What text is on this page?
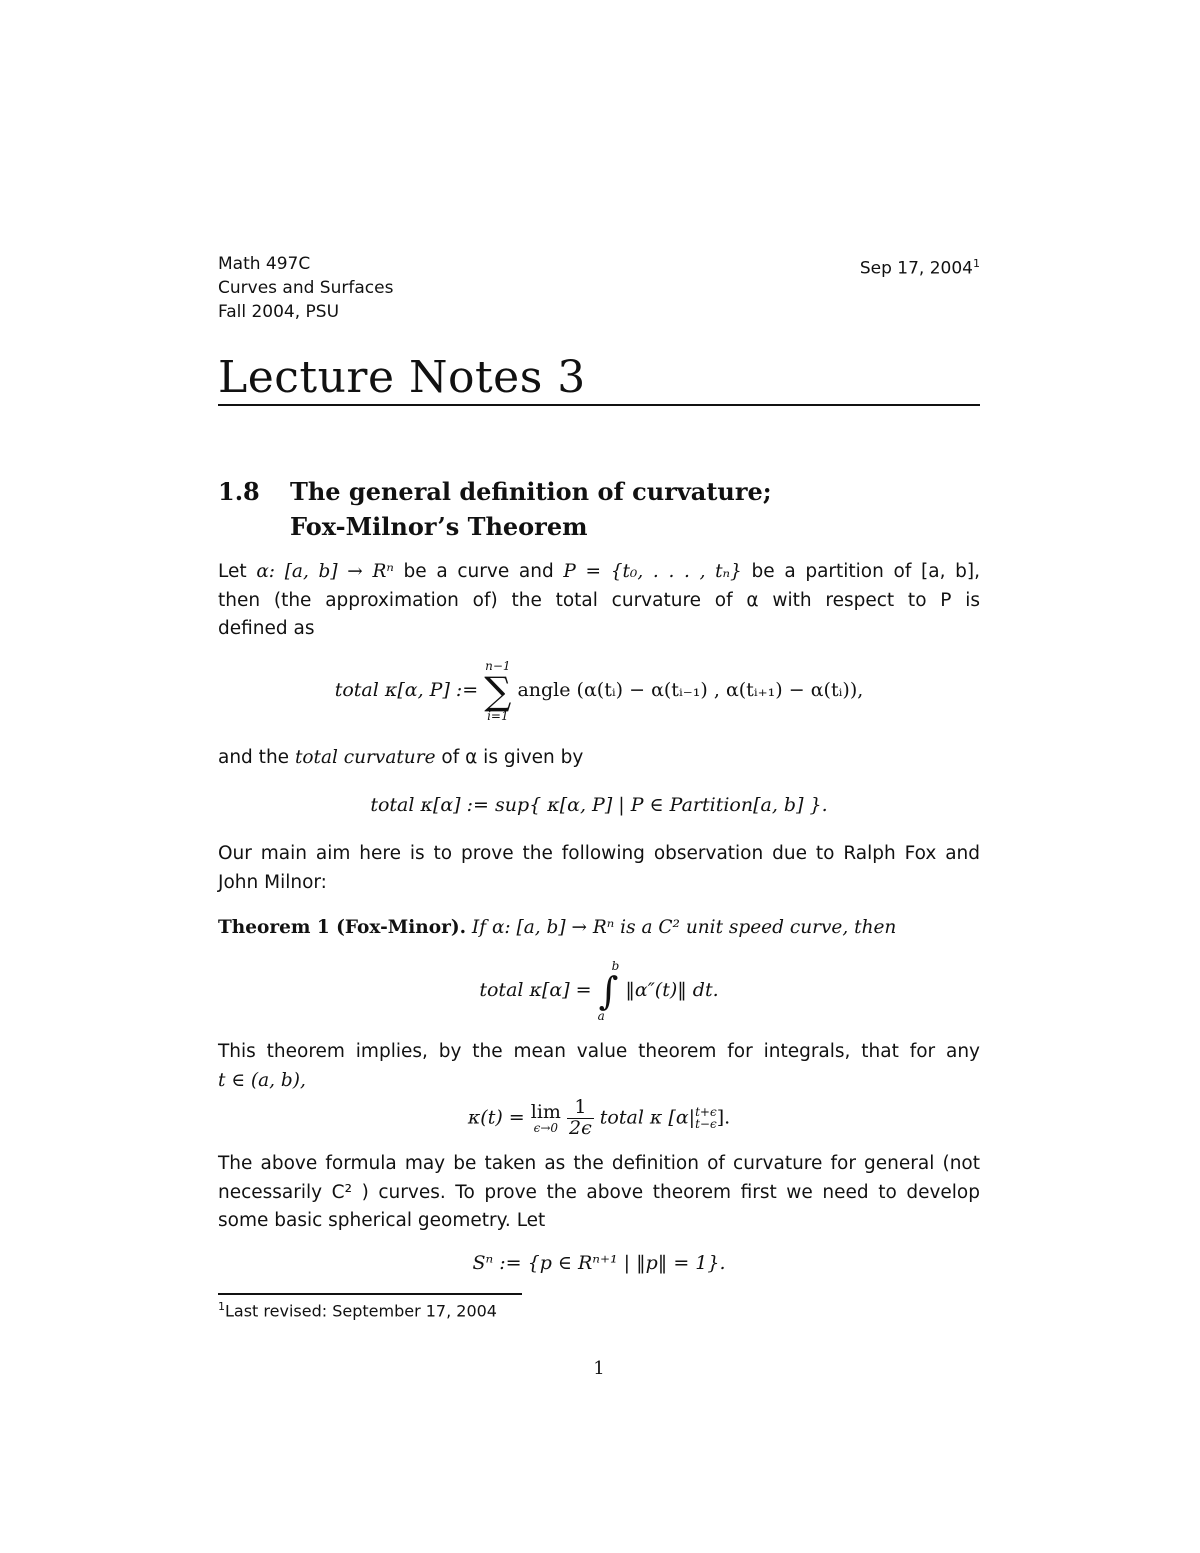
Math 497C
Curves and Surfaces
Fall 2004, PSU
Sep 17, 2004$^1$
Lecture Notes 3
1.8 The general definition of curvature;
Fox-Milnor’s Theorem
Let α: [a, b] → Rⁿ be a curve and P = {t₀, . . . , tₙ} be a partition of [a, b],
then (the approximation of) the total curvature of α with respect to P is
defined as
total κ[α, P] :=
n−1
∑
i=1
angle (α(tᵢ) − α(tᵢ₋₁) , α(tᵢ₊₁) − α(tᵢ)),
and the total curvature of α is given by
total κ[α] := sup{ κ[α, P] | P ∈ Partition[a, b] }.
Our main aim here is to prove the following observation due to Ralph Fox and John Milnor:
Theorem 1 (Fox-Minor). If α: [a, b] → Rⁿ is a C² unit speed curve, then
total κ[α] =
b
∫
a
‖α″(t)‖ dt.
This theorem implies, by the mean value theorem for integrals, that for any
t ∈ (a, b),
κ(t) = lim
ϵ→0
$\frac{1}{2\epsilon}$ total κ [α| t+ϵ
t−ϵ ].
The above formula may be taken as the definition of curvature for general (not necessarily C² ) curves. To prove the above theorem first we need to develop some basic spherical geometry. Let
Sⁿ := {p ∈ Rⁿ⁺¹ | ‖p‖ = 1}.
$^1$Last revised: September 17, 2004
1
